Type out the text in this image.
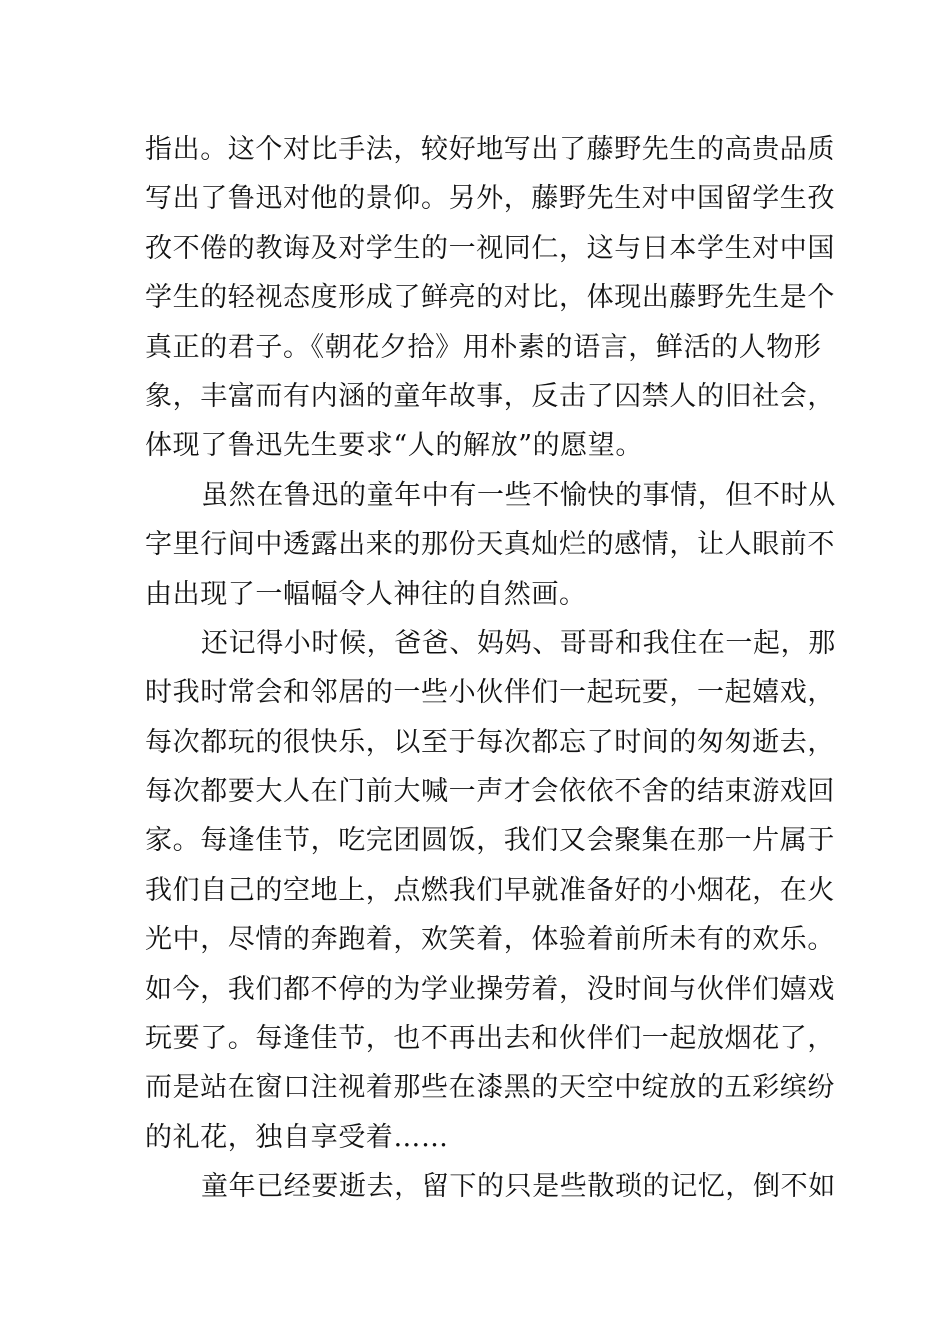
指出。这个对比手法，较好地写出了藤野先生的高贵品质
写出了鲁迅对他的景仰。另外，藤野先生对中国留学生孜
孜不倦的教诲及对学生的一视同仁，这与日本学生对中国
学生的轻视态度形成了鲜亮的对比，体现出藤野先生是个
真正的君子。《朝花夕拾》用朴素的语言，鲜活的人物形
象，丰富而有内涵的童年故事，反击了囚禁人的旧社会，
体现了鲁迅先生要求“人的解放”的愿望。
虽然在鲁迅的童年中有一些不愉快的事情，但不时从
字里行间中透露出来的那份天真灿烂的感情，让人眼前不
由出现了一幅幅令人神往的自然画。
还记得小时候，爸爸、妈妈、哥哥和我住在一起，那
时我时常会和邻居的一些小伙伴们一起玩要，一起嬉戏，
每次都玩的很快乐，以至于每次都忘了时间的匆匆逝去，
每次都要大人在门前大喊一声才会依依不舍的结束游戏回
家。每逢佳节，吃完团圆饭，我们又会聚集在那一片属于
我们自己的空地上，点燃我们早就准备好的小烟花，在火
光中，尽情的奔跑着，欢笑着，体验着前所未有的欢乐。
如今，我们都不停的为学业操劳着，没时间与伙伴们嬉戏
玩要了。每逢佳节，也不再出去和伙伴们一起放烟花了，
而是站在窗口注视着那些在漆黑的天空中绽放的五彩缤纷
的礼花，独自享受着……
童年已经要逝去，留下的只是些散琐的记忆，倒不如
